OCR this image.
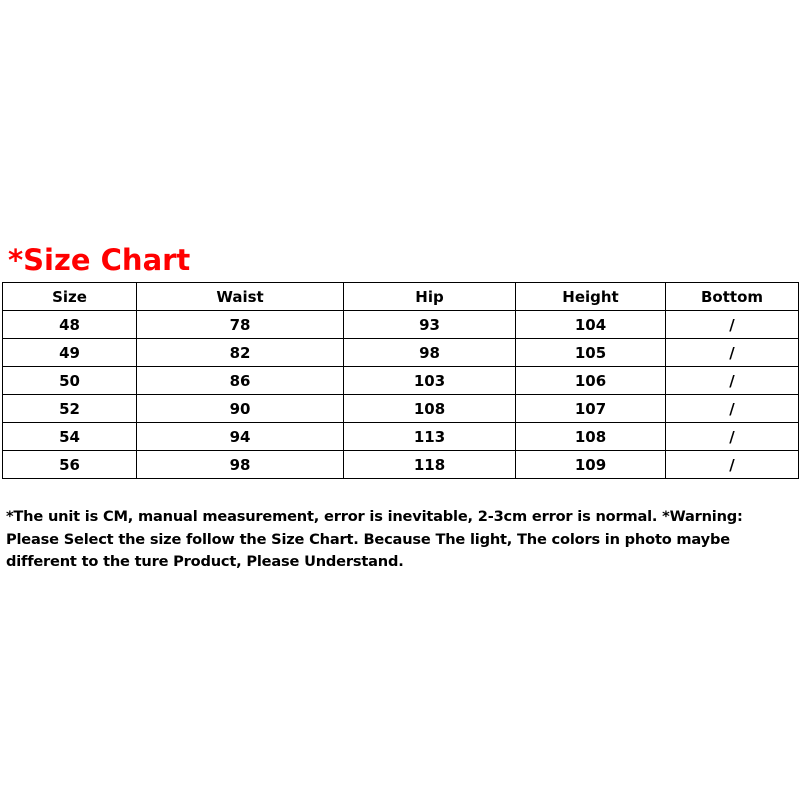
*Size Chart
Size	Waist	Hip	Height	Bottom
48	78	93	104	/
49	82	98	105	/
50	86	103	106	/
52	90	108	107	/
54	94	113	108	/
56	98	118	109	/
*The unit is CM, manual measurement, error is inevitable, 2-3cm error is normal. *Warning:
Please Select the size follow the Size Chart. Because The light, The colors in photo maybe
different to the ture Product, Please Understand.
